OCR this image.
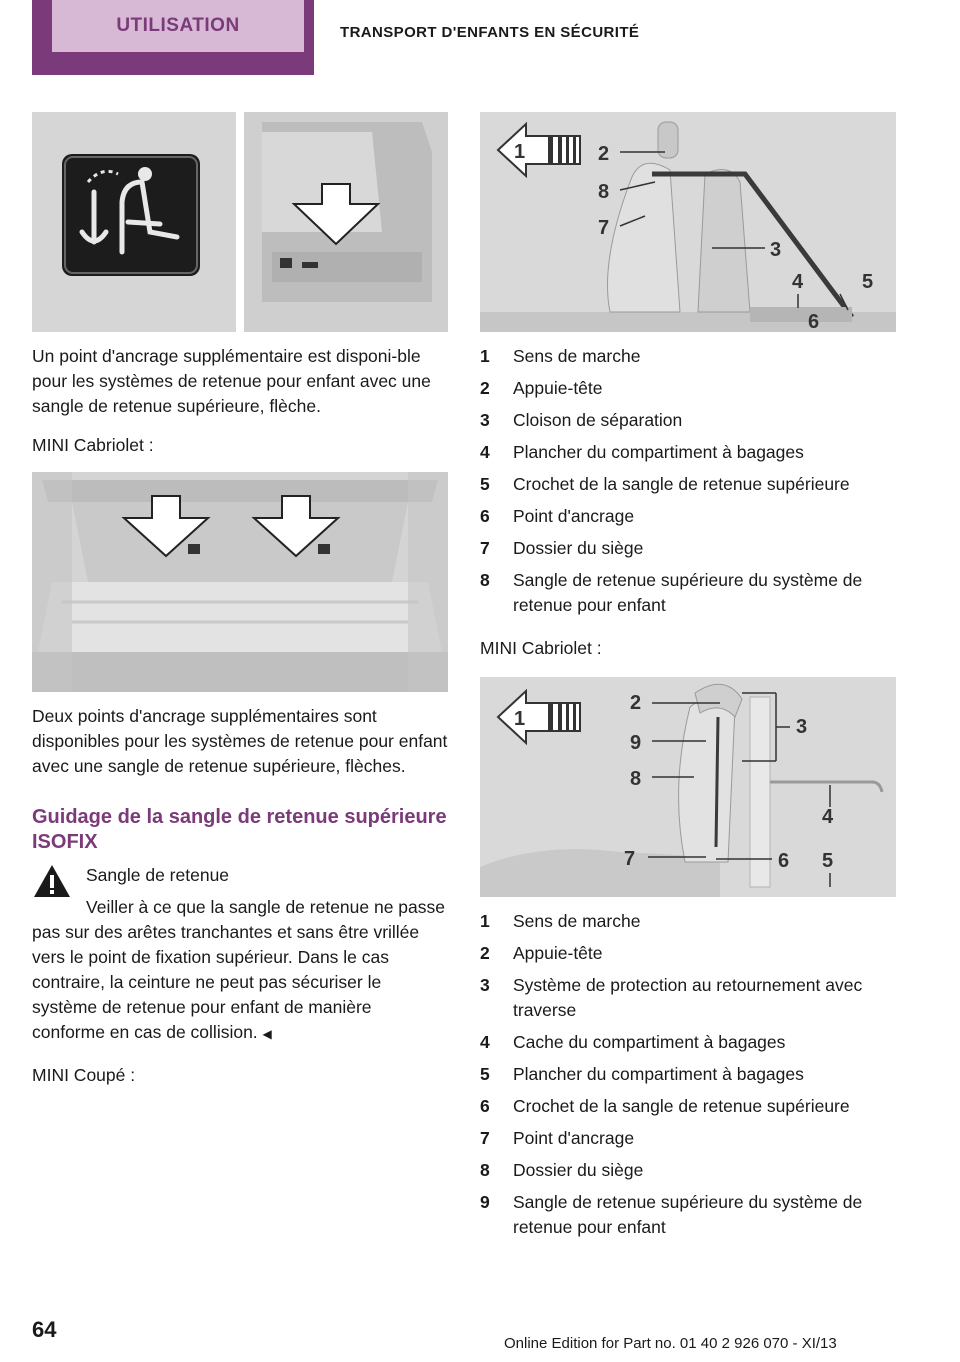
UTILISATION	TRANSPORT D'ENFANTS EN SÉCURITÉ

Un point d'ancrage supplémentaire est disponi‐ble pour les systèmes de retenue pour enfant avec une sangle de retenue supérieure, flèche.

MINI Cabriolet :

Deux points d'ancrage supplémentaires sont disponibles pour les systèmes de retenue pour enfant avec une sangle de retenue supérieure, flèches.

Guidage de la sangle de retenue supérieure ISOFIX

Sangle de retenue

Veiller à ce que la sangle de retenue ne passe pas sur des arêtes tranchantes et sans être vrillée vers le point de fixation supérieur. Dans le cas contraire, la ceinture ne peut pas sécuriser le système de retenue pour enfant de manière conforme en cas de collision. ◀

MINI Coupé :

1	2
8
7
3
4	5
6
1	Sens de marche
2	Appuie-tête
3	Cloison de séparation
4	Plancher du compartiment à bagages
5	Crochet de la sangle de retenue supérieure
6	Point d'ancrage
7	Dossier du siège
8	Sangle de retenue supérieure du système de retenue pour enfant

MINI Cabriolet :

1
2
9
8
7
3
4
6 5
1	Sens de marche
2	Appuie-tête
3	Système de protection au retournement avec traverse
4	Cache du compartiment à bagages
5	Plancher du compartiment à bagages
6	Crochet de la sangle de retenue supérieure
7	Point d'ancrage
8	Dossier du siège
9	Sangle de retenue supérieure du système de retenue pour enfant
64
Online Edition for Part no. 01 40 2 926 070 - XI/13
